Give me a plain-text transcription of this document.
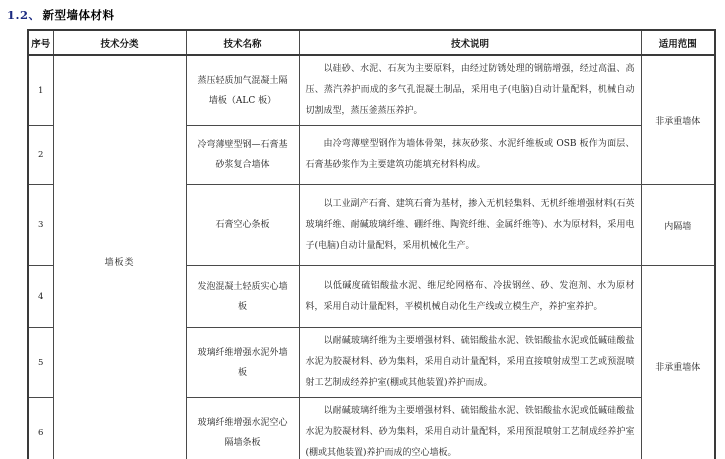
1.2、 新型墙体材料
序号	技术分类	技术名称	技术说明	适用范围
1	墙板类	蒸压轻质加气混凝土隔墙板（ALC 板）	以硅砂、水泥、石灰为主要原料，由经过防锈处理的钢筋增强，经过高温、高压、蒸汽养护而成的多气孔混凝土制品，采用电子(电脑)自动计量配料，机械自动切割成型，蒸压釜蒸压养护。	非承重墙体
2		冷弯薄壁型钢—石膏基砂浆复合墙体	由冷弯薄壁型钢作为墙体骨架，抹灰砂浆、水泥纤维板或 OSB 板作为面层、石膏基砂浆作为主要建筑功能填充材料构成。	

3		石膏空心条板	以工业副产石膏、建筑石膏为基材，掺入无机轻集料、无机纤维增强材料(石英玻璃纤维、耐碱玻璃纤维、硼纤维、陶瓷纤维、金属纤维等)、水为原材料，采用电子(电脑)自动计量配料，采用机械化生产。	内隔墙
4		发泡混凝土轻质实心墙板	以低碱度硫铝酸盐水泥、维尼纶网格布、冷拔钢丝、砂、发泡剂、水为原材料，采用自动计量配料，平模机械自动化生产线或立模生产，养护室养护。	非承重墙体
5		玻璃纤维增强水泥外墙板	以耐碱玻璃纤维为主要增强材料、硫铝酸盐水泥、铁铝酸盐水泥或低碱硅酸盐水泥为胶凝材料、砂为集料，采用自动计量配料，采用直接喷射成型工艺或预混喷射工艺制成经养护室(棚或其他装置)养护而成。	

6		玻璃纤维增强水泥空心隔墙条板	以耐碱玻璃纤维为主要增强材料、硫铝酸盐水泥、铁铝酸盐水泥或低碱硅酸盐水泥为胶凝材料、砂为集料，采用自动计量配料，采用预混喷射工艺制成经养护室(棚或其他装置)养护而成的空心墙板。	
